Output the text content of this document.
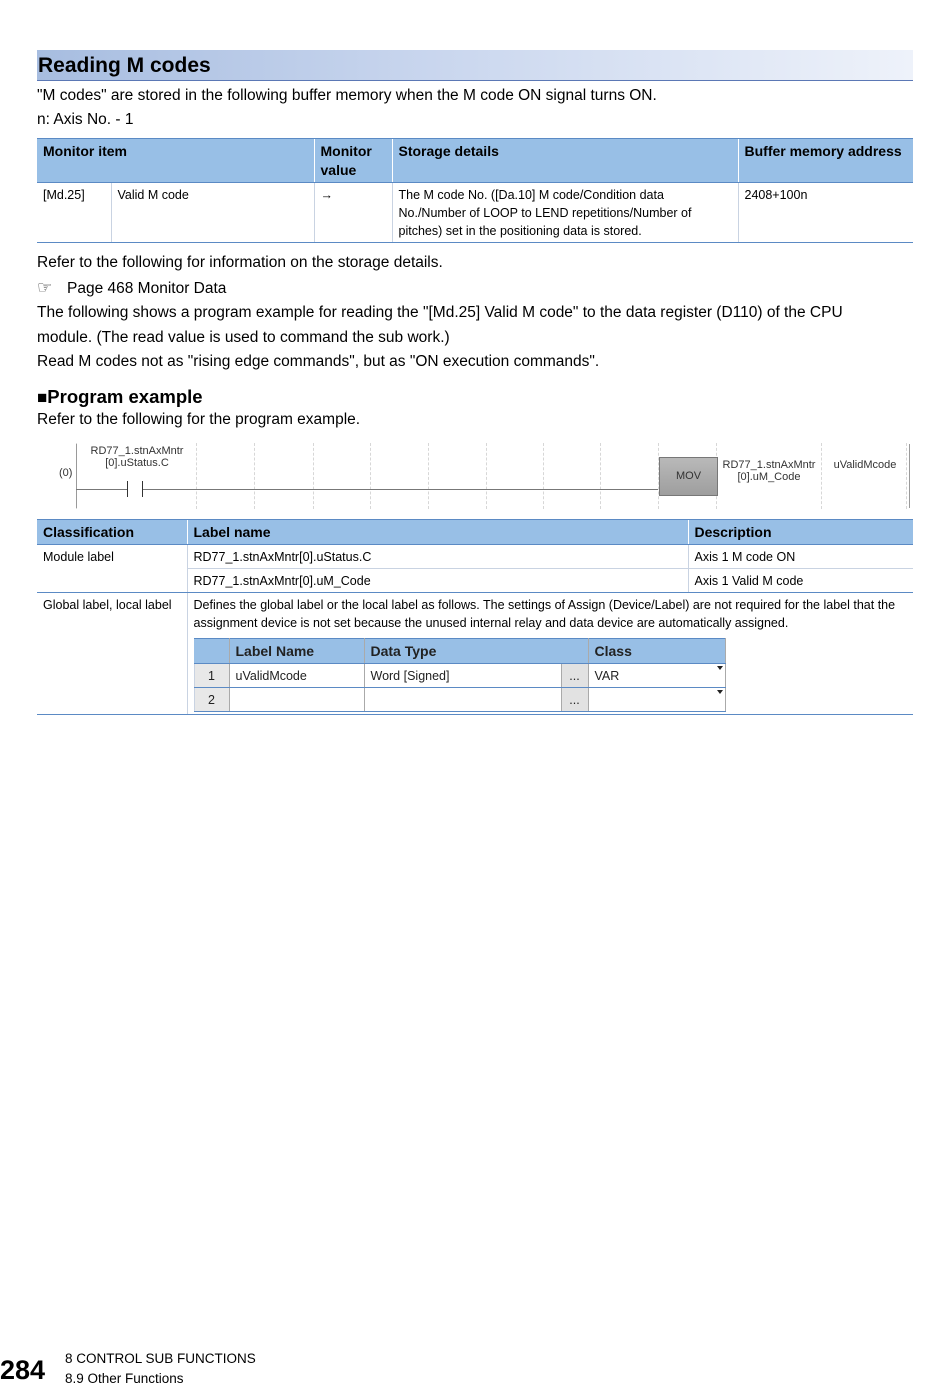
Reading M codes
"M codes" are stored in the following buffer memory when the M code ON signal turns ON.
n: Axis No. - 1
Monitor item		Monitor value	Storage details	Buffer memory address
[Md.25]	Valid M code	→	The M code No. ([Da.10] M code/Condition data No./Number of LOOP to LEND repetitions/Number of pitches) set in the positioning data is stored.	2408+100n
Refer to the following for information on the storage details.
☞ Page 468 Monitor Data
The following shows a program example for reading the "[Md.25] Valid M code" to the data register (D110) of the CPU
module. (The read value is used to command the sub work.)
Read M codes not as "rising edge commands", but as "ON execution commands".
■Program example
Refer to the following for the program example.
(0)
RD77_1.stnAxMntr
[0].uStatus.C
MOV
RD77_1.stnAxMntr
[0].uM_Code
uValidMcode
Classification	Label name	Description
Module label	RD77_1.stnAxMntr[0].uStatus.C	Axis 1 M code ON
RD77_1.stnAxMntr[0].uM_Code	Axis 1 Valid M code
Global label, local label	Defines the global label or the local label as follows. The settings of Assign (Device/Label) are not required for the label that the assignment device is not set because the unused internal relay and data device are automatically assigned.
	Label Name	Data Type	Class
1	uValidMcode	Word [Signed]	...	VAR

2			...	
284 8 CONTROL SUB FUNCTIONS
8.9 Other Functions
